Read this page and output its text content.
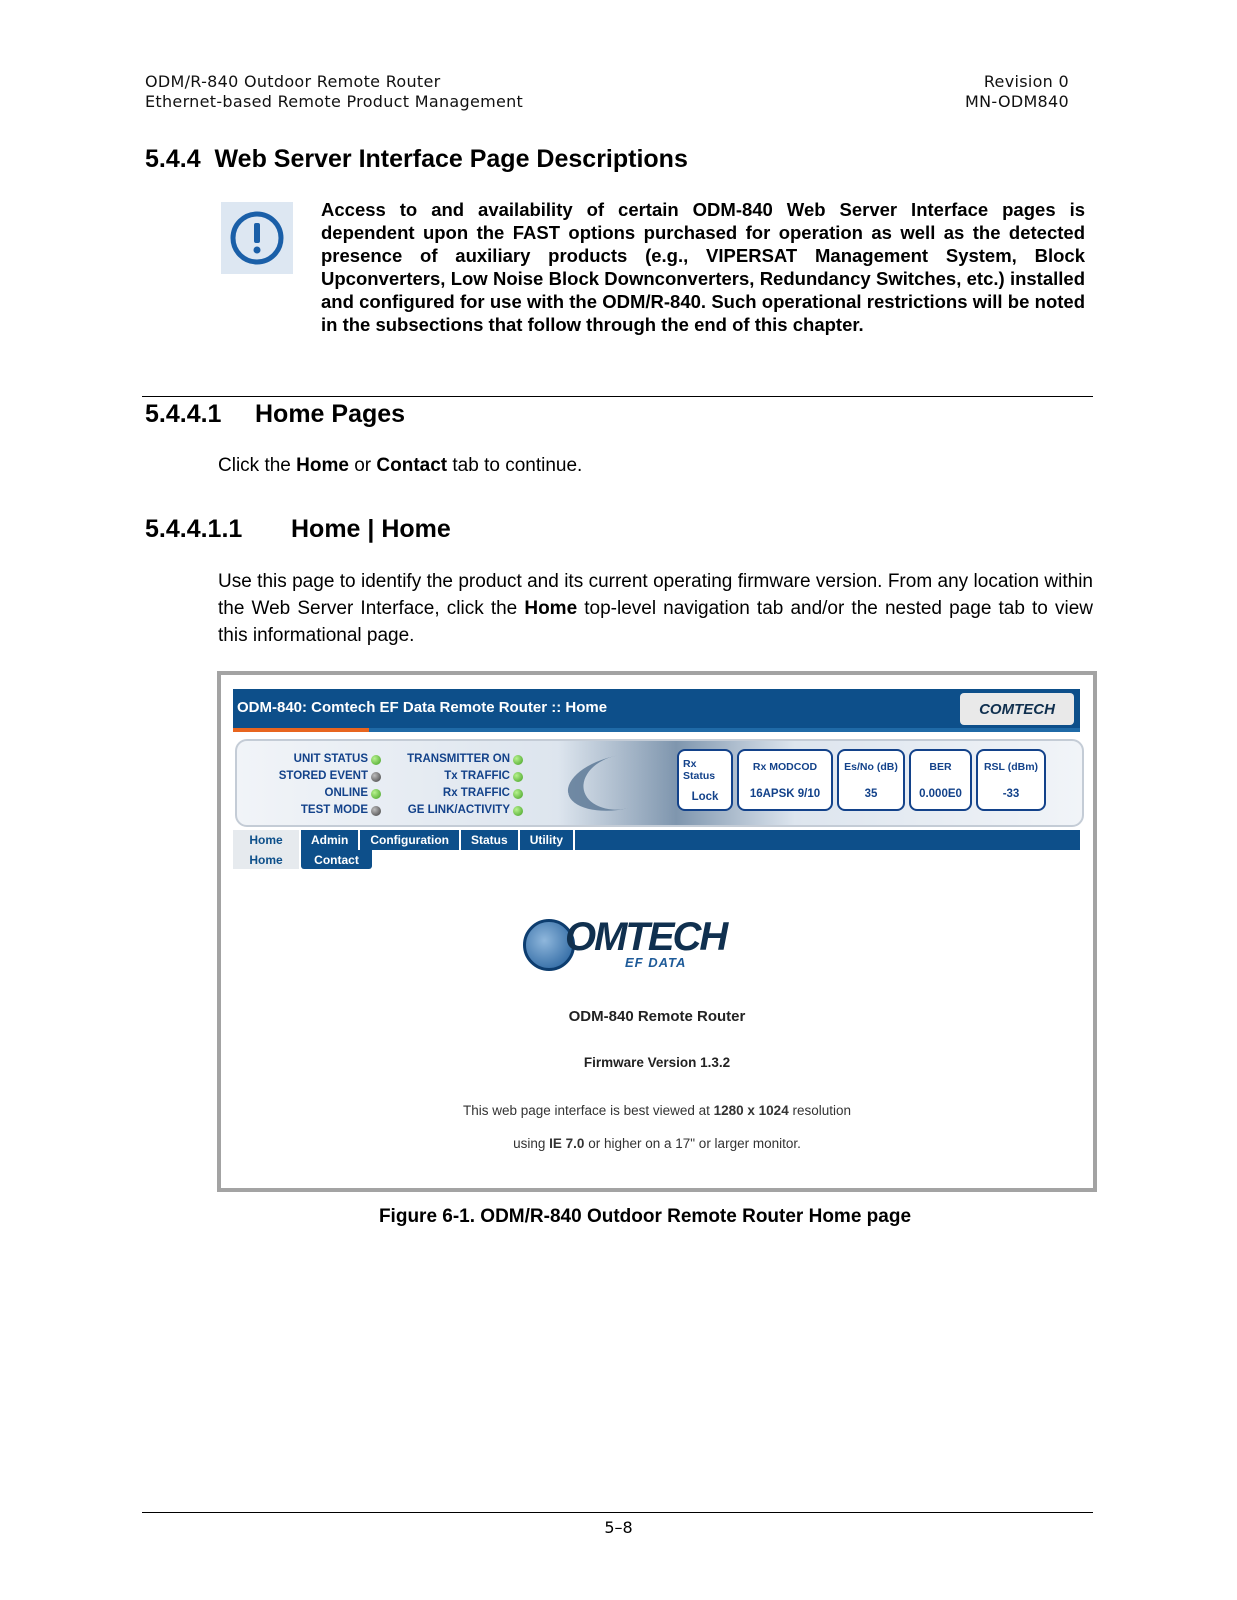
ODM/R-840 Outdoor Remote Router
Ethernet-based Remote Product Management
Revision 0
MN-ODM840
5.4.4 Web Server Interface Page Descriptions

Access to and availability of certain ODM-840 Web Server Interface pages is dependent upon the FAST options purchased for operation as well as the detected presence of auxiliary products (e.g., VIPERSAT Management System, Block Upconverters, Low Noise Block Downconverters, Redundancy Switches, etc.) installed and configured for use with the ODM/R-840. Such operational restrictions will be noted in the subsections that follow through the end of this chapter.

5.4.4.1 Home Pages

Click the Home or Contact tab to continue.

5.4.4.1.1 Home | Home

Use this page to identify the product and its current operating firmware version. From any location within the Web Server Interface, click the Home top-level navigation tab and/or the nested page tab to view this informational page.

ODM-840: Comtech EF Data Remote Router :: Home	COMTECH
UNIT STATUS
STORED EVENT
ONLINE
TEST MODE
TRANSMITTER ON
Tx TRAFFIC
Rx TRAFFIC
GE LINK/ACTIVITY
Rx Status
Lock
Rx MODCOD
16APSK 9/10
Es/No (dB)
35
BER
0.000E0
RSL (dBm)
-33
Home	Admin	Configuration	Status	Utility
Home	Contact
OMTECH
EF DATA
ODM-840 Remote Router
Firmware Version 1.3.2
This web page interface is best viewed at 1280 x 1024 resolution
using IE 7.0 or higher on a 17" or larger monitor.

Figure 6-1. ODM/R-840 Outdoor Remote Router Home page

5–8
